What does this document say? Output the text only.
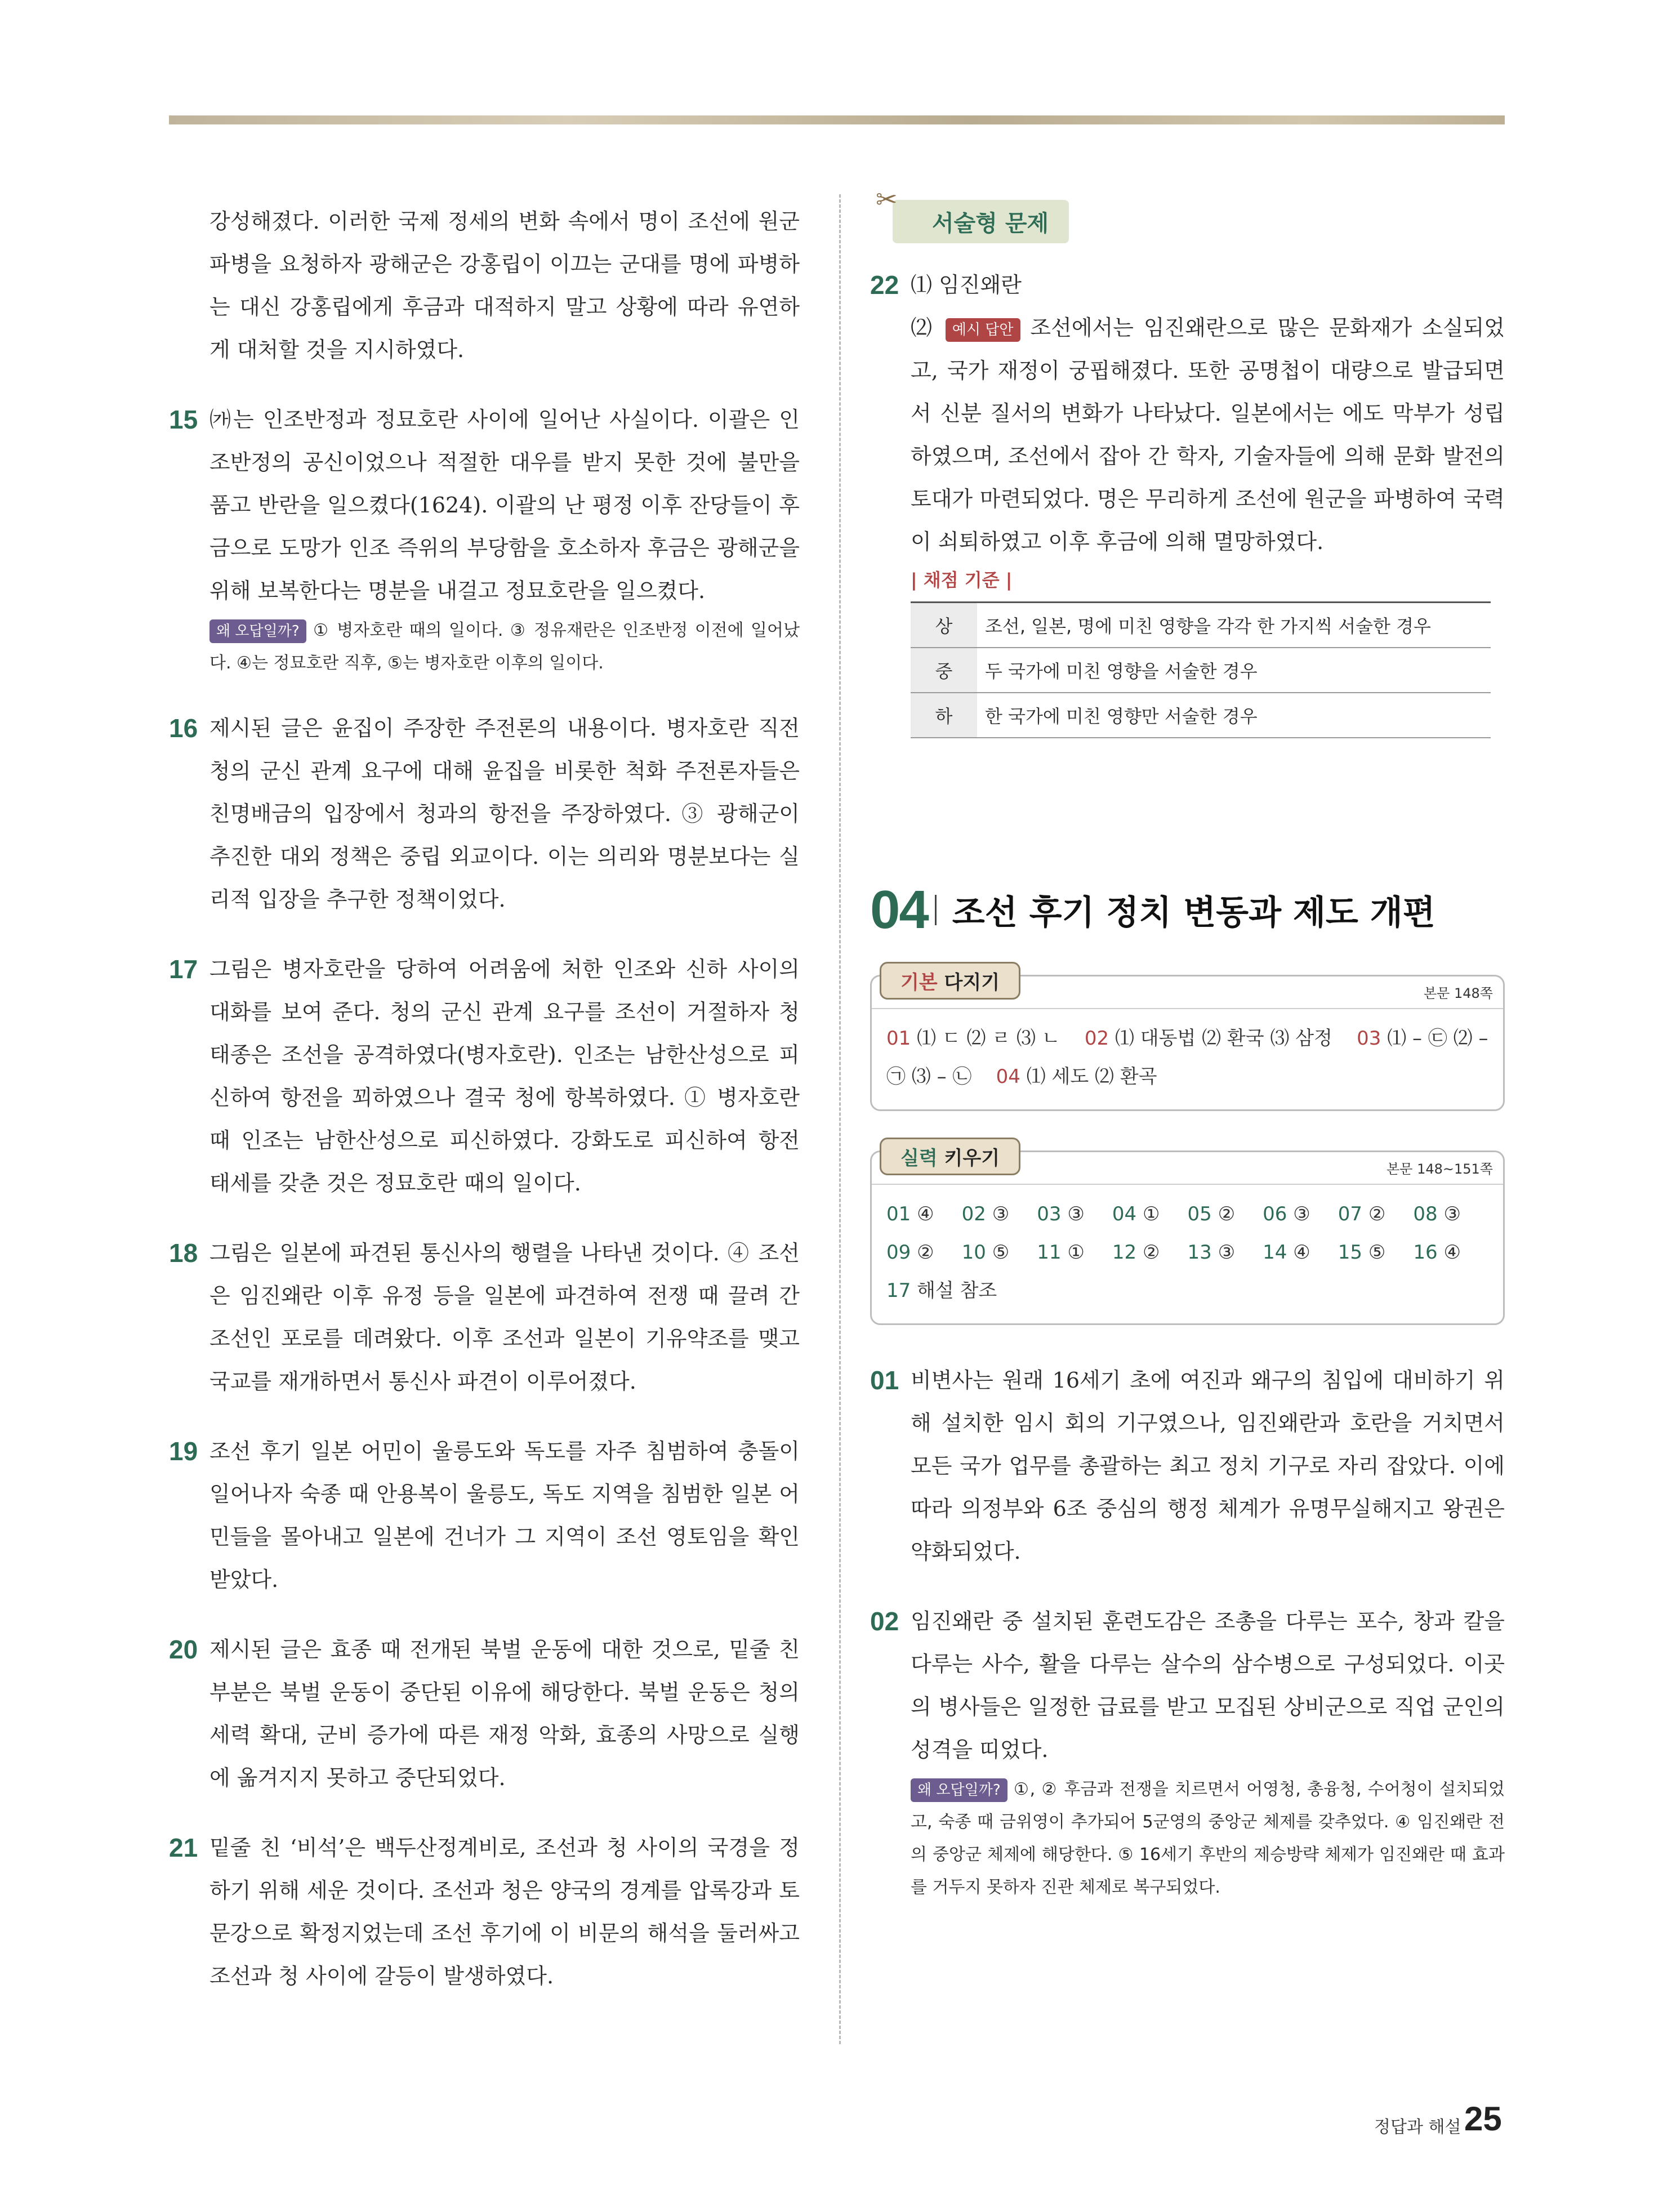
강성해졌다. 이러한 국제 정세의 변화 속에서 명이 조선에 원군 파병을 요청하자 광해군은 강홍립이 이끄는 군대를 명에 파병하는 대신 강홍립에게 후금과 대적하지 말고 상황에 따라 유연하게 대처할 것을 지시하였다.
15 ㈎는 인조반정과 정묘호란 사이에 일어난 사실이다. 이괄은 인조반정의 공신이었으나 적절한 대우를 받지 못한 것에 불만을 품고 반란을 일으켰다(1624). 이괄의 난 평정 이후 잔당들이 후금으로 도망가 인조 즉위의 부당함을 호소하자 후금은 광해군을 위해 보복한다는 명분을 내걸고 정묘호란을 일으켰다.
왜 오답일까? ① 병자호란 때의 일이다. ③ 정유재란은 인조반정 이전에 일어났다. ④는 정묘호란 직후, ⑤는 병자호란 이후의 일이다.
16 제시된 글은 윤집이 주장한 주전론의 내용이다. 병자호란 직전 청의 군신 관계 요구에 대해 윤집을 비롯한 척화 주전론자들은 친명배금의 입장에서 청과의 항전을 주장하였다. ③ 광해군이 추진한 대외 정책은 중립 외교이다. 이는 의리와 명분보다는 실리적 입장을 추구한 정책이었다.
17 그림은 병자호란을 당하여 어려움에 처한 인조와 신하 사이의 대화를 보여 준다. 청의 군신 관계 요구를 조선이 거절하자 청 태종은 조선을 공격하였다(병자호란). 인조는 남한산성으로 피신하여 항전을 꾀하였으나 결국 청에 항복하였다. ① 병자호란 때 인조는 남한산성으로 피신하였다. 강화도로 피신하여 항전 태세를 갖춘 것은 정묘호란 때의 일이다.
18 그림은 일본에 파견된 통신사의 행렬을 나타낸 것이다. ④ 조선은 임진왜란 이후 유정 등을 일본에 파견하여 전쟁 때 끌려 간 조선인 포로를 데려왔다. 이후 조선과 일본이 기유약조를 맺고 국교를 재개하면서 통신사 파견이 이루어졌다.
19 조선 후기 일본 어민이 울릉도와 독도를 자주 침범하여 충돌이 일어나자 숙종 때 안용복이 울릉도, 독도 지역을 침범한 일본 어민들을 몰아내고 일본에 건너가 그 지역이 조선 영토임을 확인받았다.
20 제시된 글은 효종 때 전개된 북벌 운동에 대한 것으로, 밑줄 친 부분은 북벌 운동이 중단된 이유에 해당한다. 북벌 운동은 청의 세력 확대, 군비 증가에 따른 재정 악화, 효종의 사망으로 실행에 옮겨지지 못하고 중단되었다.
21 밑줄 친 ‘비석’은 백두산정계비로, 조선과 청 사이의 국경을 정하기 위해 세운 것이다. 조선과 청은 양국의 경계를 압록강과 토문강으로 확정지었는데 조선 후기에 이 비문의 해석을 둘러싸고 조선과 청 사이에 갈등이 발생하였다.
✂
서술형 문제
22 ⑴ 임진왜란
⑵ 예시 답안 조선에서는 임진왜란으로 많은 문화재가 소실되었고, 국가 재정이 궁핍해졌다. 또한 공명첩이 대량으로 발급되면서 신분 질서의 변화가 나타났다. 일본에서는 에도 막부가 성립하였으며, 조선에서 잡아 간 학자, 기술자들에 의해 문화 발전의 토대가 마련되었다. 명은 무리하게 조선에 원군을 파병하여 국력이 쇠퇴하였고 이후 후금에 의해 멸망하였다.
| 채점 기준 |
상	조선, 일본, 명에 미친 영향을 각각 한 가지씩 서술한 경우
중	두 국가에 미친 영향을 서술한 경우
하	한 국가에 미친 영향만 서술한 경우
04 조선 후기 정치 변동과 제도 개편
기본 다지기	본문 148쪽
01 ⑴ ㄷ ⑵ ㄹ ⑶ ㄴ 02 ⑴ 대동법 ⑵ 환국 ⑶ 삼정 03 ⑴ – ㉢ ⑵ – ㉠ ⑶ – ㉡ 04 ⑴ 세도 ⑵ 환곡
실력 키우기	본문 148~151쪽
01 ④	02 ③	03 ③	04 ①	05 ②	06 ③	07 ②	08 ③
09 ②	10 ⑤	11 ①	12 ②	13 ③	14 ④	15 ⑤	16 ④
17 해설 참조
01 비변사는 원래 16세기 초에 여진과 왜구의 침입에 대비하기 위해 설치한 임시 회의 기구였으나, 임진왜란과 호란을 거치면서 모든 국가 업무를 총괄하는 최고 정치 기구로 자리 잡았다. 이에 따라 의정부와 6조 중심의 행정 체계가 유명무실해지고 왕권은 약화되었다.
02 임진왜란 중 설치된 훈련도감은 조총을 다루는 포수, 창과 칼을 다루는 사수, 활을 다루는 살수의 삼수병으로 구성되었다. 이곳의 병사들은 일정한 급료를 받고 모집된 상비군으로 직업 군인의 성격을 띠었다.
왜 오답일까? ①, ② 후금과 전쟁을 치르면서 어영청, 총융청, 수어청이 설치되었고, 숙종 때 금위영이 추가되어 5군영의 중앙군 체제를 갖추었다. ④ 임진왜란 전의 중앙군 체제에 해당한다. ⑤ 16세기 후반의 제승방략 체제가 임진왜란 때 효과를 거두지 못하자 진관 체제로 복구되었다.
정답과 해설 25
